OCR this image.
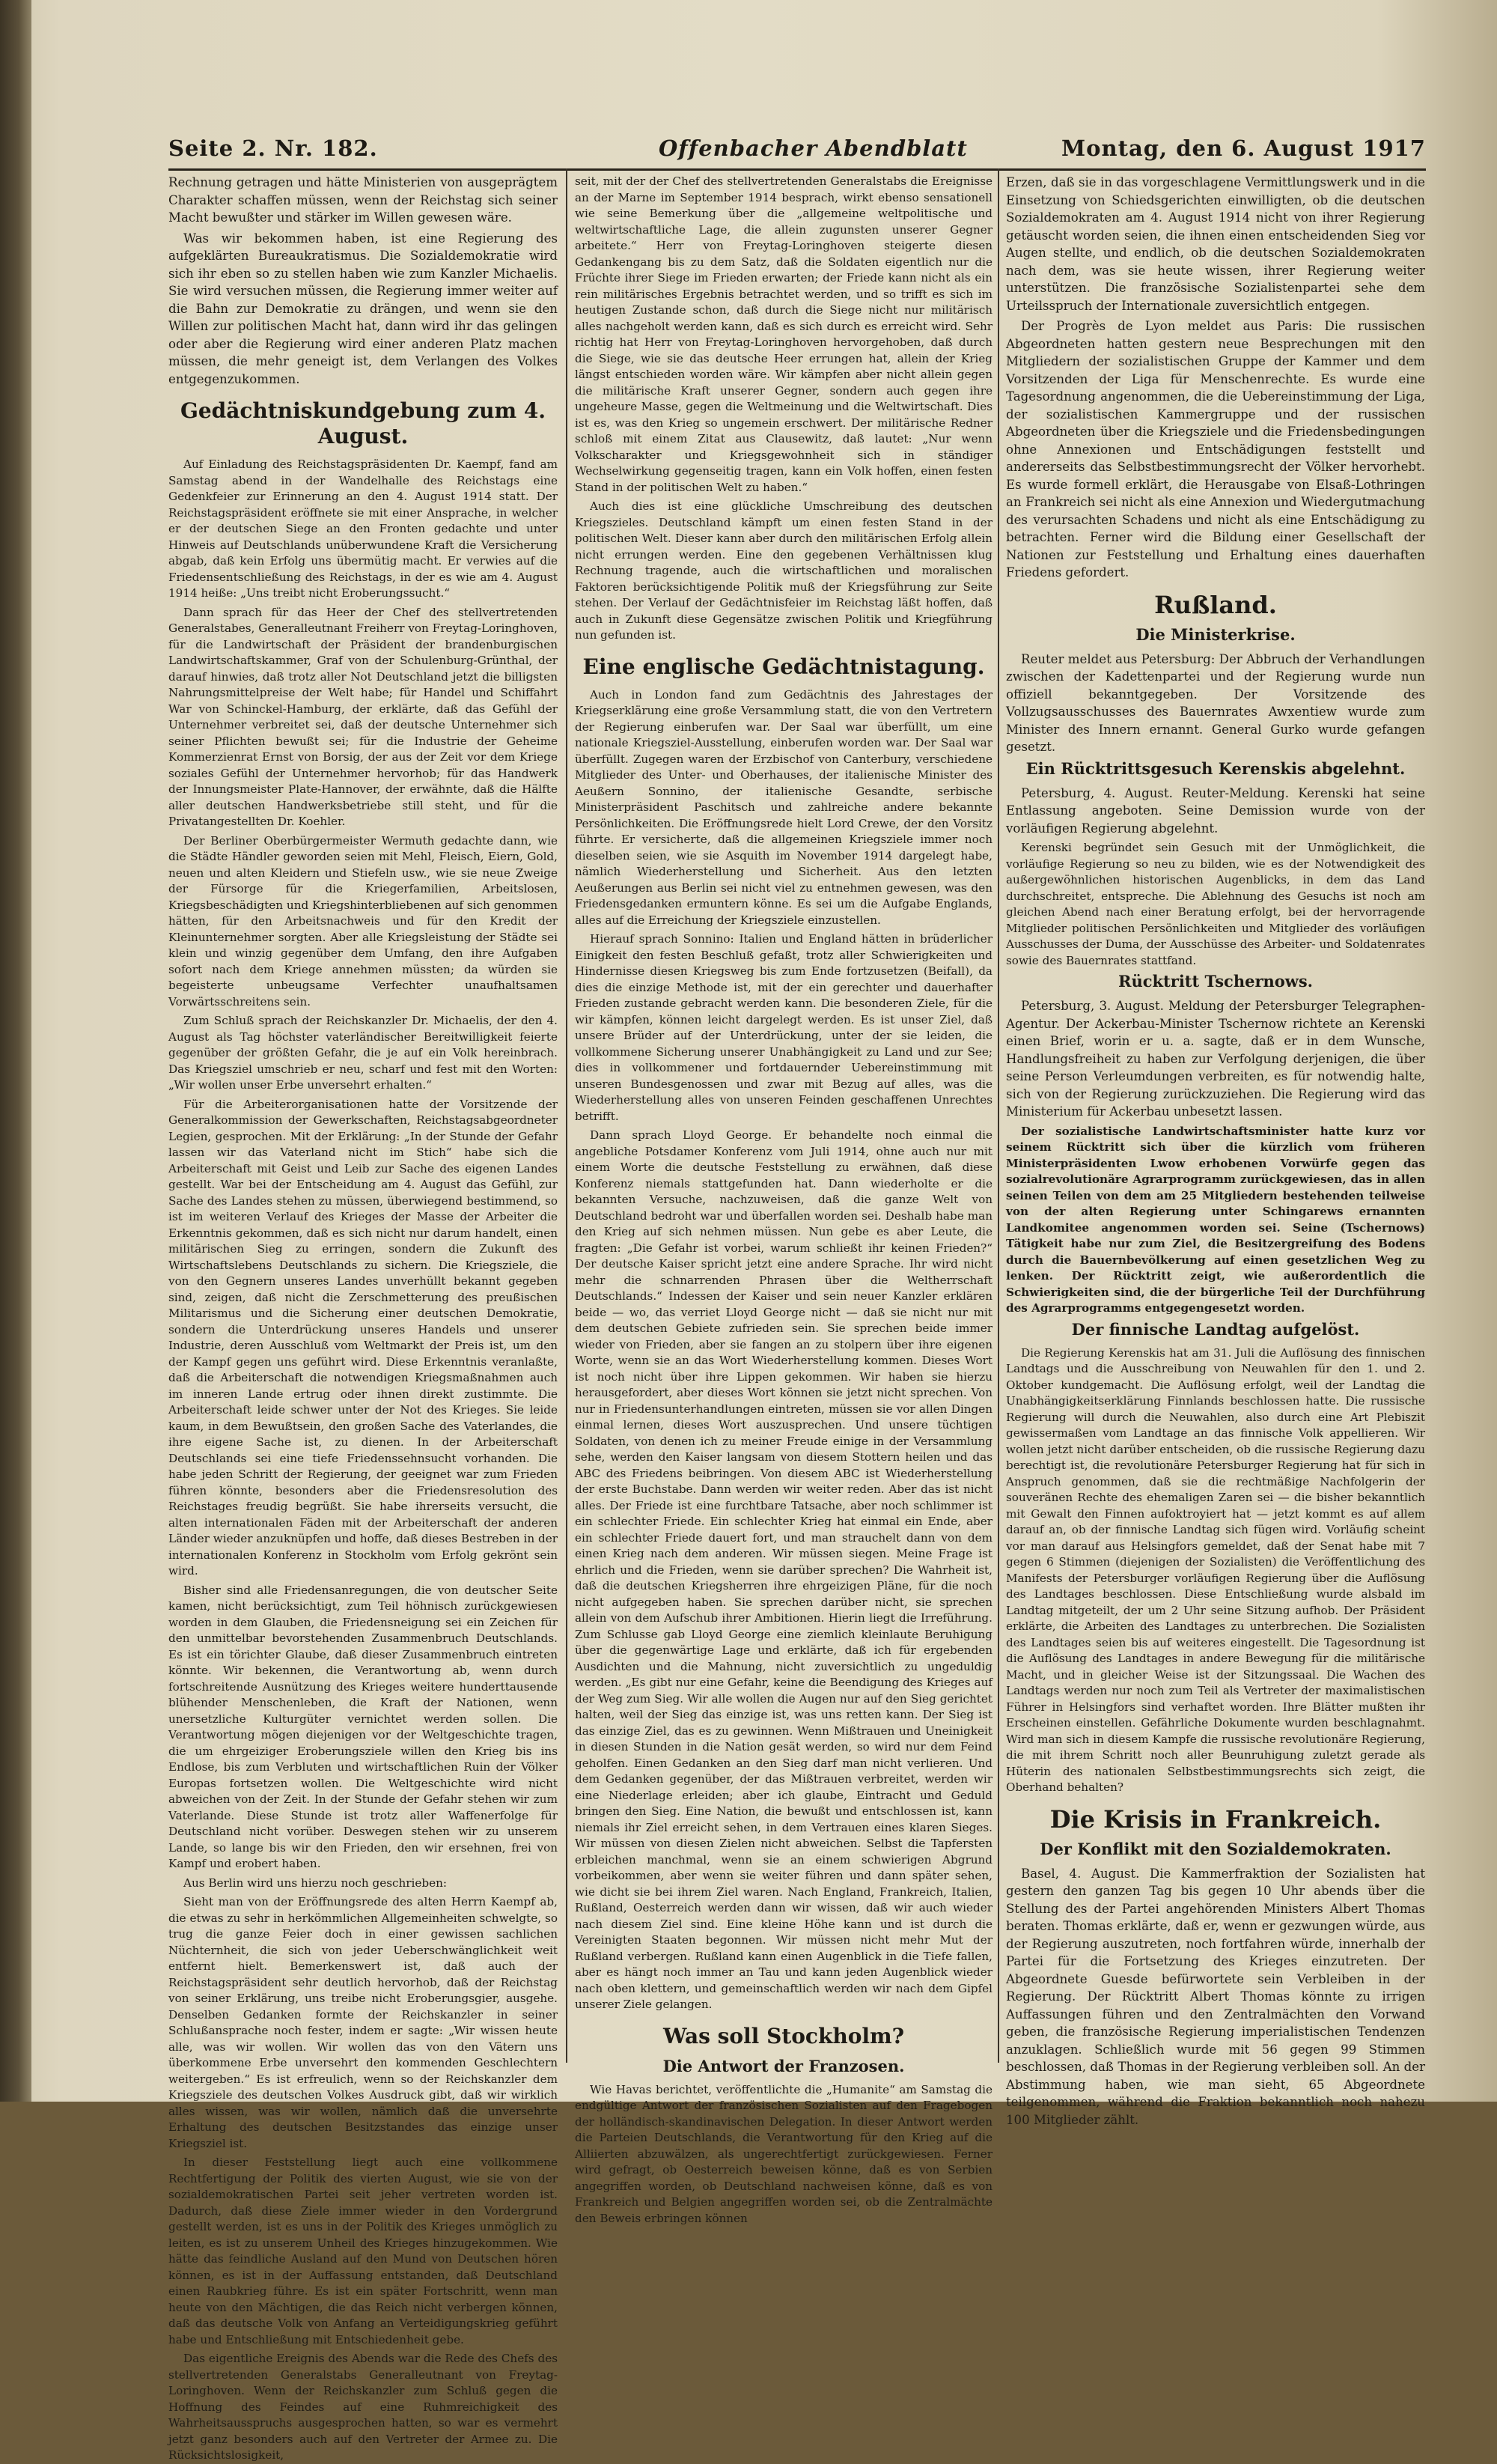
Seite 2. Nr. 182.	Offenbacher Abendblatt	Montag, den 6. August 1917

Rechnung getragen und hätte Ministerien von ausgeprägtem Charakter schaffen müssen, wenn der Reichstag sich seiner Macht bewußter und stärker im Willen gewesen wäre.

Was wir bekommen haben, ist eine Regierung des aufgeklärten Bureaukratismus. Die Sozialdemokratie wird sich ihr eben so zu stellen haben wie zum Kanzler Michaelis. Sie wird versuchen müssen, die Regierung immer weiter auf die Bahn zur Demokratie zu drängen, und wenn sie den Willen zur politischen Macht hat, dann wird ihr das gelingen oder aber die Regierung wird einer anderen Platz machen müssen, die mehr geneigt ist, dem Verlangen des Volkes entgegenzukommen.

Gedächtniskundgebung zum 4. August.

Auf Einladung des Reichstagspräsidenten Dr. Kaempf, fand am Samstag abend in der Wandelhalle des Reichstags eine Gedenkfeier zur Erinnerung an den 4. August 1914 statt. Der Reichstagspräsident eröffnete sie mit einer Ansprache, in welcher er der deutschen Siege an den Fronten gedachte und unter Hinweis auf Deutschlands unüberwundene Kraft die Versicherung abgab, daß kein Erfolg uns übermütig macht. Er verwies auf die Friedensentschließung des Reichstags, in der es wie am 4. August 1914 heiße: „Uns treibt nicht Eroberungssucht.“

Dann sprach für das Heer der Chef des stellvertretenden Generalstabes, Generalleutnant Freiherr von Freytag-Loringhoven, für die Landwirtschaft der Präsident der brandenburgischen Landwirtschaftskammer, Graf von der Schulenburg-Grünthal, der darauf hinwies, daß trotz aller Not Deutschland jetzt die billigsten Nahrungsmittelpreise der Welt habe; für Handel und Schiffahrt War von Schinckel-Hamburg, der erklärte, daß das Gefühl der Unternehmer verbreitet sei, daß der deutsche Unternehmer sich seiner Pflichten bewußt sei; für die Industrie der Geheime Kommerzienrat Ernst von Borsig, der aus der Zeit vor dem Kriege soziales Gefühl der Unternehmer hervorhob; für das Handwerk der Innungsmeister Plate-Hannover, der erwähnte, daß die Hälfte aller deutschen Handwerksbetriebe still steht, und für die Privatangestellten Dr. Koehler.

Der Berliner Oberbürgermeister Wermuth gedachte dann, wie die Städte Händler geworden seien mit Mehl, Fleisch, Eiern, Gold, neuen und alten Kleidern und Stiefeln usw., wie sie neue Zweige der Fürsorge für die Kriegerfamilien, Arbeitslosen, Kriegsbeschädigten und Kriegshinterbliebenen auf sich genommen hätten, für den Arbeitsnachweis und für den Kredit der Kleinunternehmer sorgten. Aber alle Kriegsleistung der Städte sei klein und winzig gegenüber dem Umfang, den ihre Aufgaben sofort nach dem Kriege annehmen müssten; da würden sie begeisterte unbeugsame Verfechter unaufhaltsamen Vorwärtsschreitens sein.

Zum Schluß sprach der Reichskanzler Dr. Michaelis, der den 4. August als Tag höchster vaterländischer Bereitwilligkeit feierte gegenüber der größten Gefahr, die je auf ein Volk hereinbrach. Das Kriegsziel umschrieb er neu, scharf und fest mit den Worten: „Wir wollen unser Erbe unversehrt erhalten.“

Für die Arbeiterorganisationen hatte der Vorsitzende der Generalkommission der Gewerkschaften, Reichstagsabgeordneter Legien, gesprochen. Mit der Erklärung: „In der Stunde der Gefahr lassen wir das Vaterland nicht im Stich“ habe sich die Arbeiterschaft mit Geist und Leib zur Sache des eigenen Landes gestellt. War bei der Entscheidung am 4. August das Gefühl, zur Sache des Landes stehen zu müssen, überwiegend bestimmend, so ist im weiteren Verlauf des Krieges der Masse der Arbeiter die Erkenntnis gekommen, daß es sich nicht nur darum handelt, einen militärischen Sieg zu erringen, sondern die Zukunft des Wirtschaftslebens Deutschlands zu sichern. Die Kriegsziele, die von den Gegnern unseres Landes unverhüllt bekannt gegeben sind, zeigen, daß nicht die Zerschmetterung des preußischen Militarismus und die Sicherung einer deutschen Demokratie, sondern die Unterdrückung unseres Handels und unserer Industrie, deren Ausschluß vom Weltmarkt der Preis ist, um den der Kampf gegen uns geführt wird. Diese Erkenntnis veranlaßte, daß die Arbeiterschaft die notwendigen Kriegsmaßnahmen auch im inneren Lande ertrug oder ihnen direkt zustimmte. Die Arbeiterschaft leide schwer unter der Not des Krieges. Sie leide kaum, in dem Bewußtsein, den großen Sache des Vaterlandes, die ihre eigene Sache ist, zu dienen. In der Arbeiterschaft Deutschlands sei eine tiefe Friedenssehnsucht vorhanden. Die habe jeden Schritt der Regierung, der geeignet war zum Frieden führen könnte, besonders aber die Friedensresolution des Reichstages freudig begrüßt. Sie habe ihrerseits versucht, die alten internationalen Fäden mit der Arbeiterschaft der anderen Länder wieder anzuknüpfen und hoffe, daß dieses Bestreben in der internationalen Konferenz in Stockholm vom Erfolg gekrönt sein wird.

Bisher sind alle Friedensanregungen, die von deutscher Seite kamen, nicht berücksichtigt, zum Teil höhnisch zurückgewiesen worden in dem Glauben, die Friedensneigung sei ein Zeichen für den unmittelbar bevorstehenden Zusammenbruch Deutschlands. Es ist ein törichter Glaube, daß dieser Zusammenbruch eintreten könnte. Wir bekennen, die Verantwortung ab, wenn durch fortschreitende Ausnützung des Krieges weitere hunderttausende blühender Menschenleben, die Kraft der Nationen, wenn unersetzliche Kulturgüter vernichtet werden sollen. Die Verantwortung mögen diejenigen vor der Weltgeschichte tragen, die um ehrgeiziger Eroberungsziele willen den Krieg bis ins Endlose, bis zum Verbluten und wirtschaftlichen Ruin der Völker Europas fortsetzen wollen. Die Weltgeschichte wird nicht abweichen von der Zeit. In der Stunde der Gefahr stehen wir zum Vaterlande. Diese Stunde ist trotz aller Waffenerfolge für Deutschland nicht vorüber. Deswegen stehen wir zu unserem Lande, so lange bis wir den Frieden, den wir ersehnen, frei von Kampf und erobert haben.

Aus Berlin wird uns hierzu noch geschrieben:

Sieht man von der Eröffnungsrede des alten Herrn Kaempf ab, die etwas zu sehr in herkömmlichen Allgemeinheiten schwelgte, so trug die ganze Feier doch in einer gewissen sachlichen Nüchternheit, die sich von jeder Ueberschwänglichkeit weit entfernt hielt. Bemerkenswert ist, daß auch der Reichstagspräsident sehr deutlich hervorhob, daß der Reichstag von seiner Erklärung, uns treibe nicht Eroberungsgier, ausgehe. Denselben Gedanken formte der Reichskanzler in seiner Schlußansprache noch fester, indem er sagte: „Wir wissen heute alle, was wir wollen. Wir wollen das von den Vätern uns überkommene Erbe unversehrt den kommenden Geschlechtern weitergeben.“ Es ist erfreulich, wenn so der Reichskanzler dem Kriegsziele des deutschen Volkes Ausdruck gibt, daß wir wirklich alles wissen, was wir wollen, nämlich daß die unversehrte Erhaltung des deutschen Besitzstandes das einzige unser Kriegsziel ist.

In dieser Feststellung liegt auch eine vollkommene Rechtfertigung der Politik des vierten August, wie sie von der sozialdemokratischen Partei seit jeher vertreten worden ist. Dadurch, daß diese Ziele immer wieder in den Vordergrund gestellt werden, ist es uns in der Politik des Krieges unmöglich zu leiten, es ist zu unserem Unheil des Krieges hinzugekommen. Wie hätte das feindliche Ausland auf den Mund von Deutschen hören können, es ist in der Auffassung entstanden, daß Deutschland einen Raubkrieg führe. Es ist ein später Fortschritt, wenn man heute von den Mächtigen, die das Reich nicht verbergen können, daß das deutsche Volk von Anfang an Verteidigungskrieg geführt habe und Entschließung mit Entschiedenheit gebe.

Das eigentliche Ereignis des Abends war die Rede des Chefs des stellvertretenden Generalstabs Generalleutnant von Freytag-Loringhoven. Wenn der Reichskanzler zum Schluß gegen die Hoffnung des Feindes auf eine Ruhmreichigkeit des Wahrheitsausspruchs ausgesprochen hatten, so war es vermehrt jetzt ganz besonders auch auf den Vertreter der Armee zu. Die Rücksichtslosigkeit,

seit, mit der der Chef des stellvertretenden Generalstabs die Ereignisse an der Marne im September 1914 besprach, wirkt ebenso sensationell wie seine Bemerkung über die „allgemeine weltpolitische und weltwirtschaftliche Lage, die allein zugunsten unserer Gegner arbeitete.“ Herr von Freytag-Loringhoven steigerte diesen Gedankengang bis zu dem Satz, daß die Soldaten eigentlich nur die Früchte ihrer Siege im Frieden erwarten; der Friede kann nicht als ein rein militärisches Ergebnis betrachtet werden, und so trifft es sich im heutigen Zustande schon, daß durch die Siege nicht nur militärisch alles nachgeholt werden kann, daß es sich durch es erreicht wird. Sehr richtig hat Herr von Freytag-Loringhoven hervorgehoben, daß durch die Siege, wie sie das deutsche Heer errungen hat, allein der Krieg längst entschieden worden wäre. Wir kämpfen aber nicht allein gegen die militärische Kraft unserer Gegner, sondern auch gegen ihre ungeheure Masse, gegen die Weltmeinung und die Weltwirtschaft. Dies ist es, was den Krieg so ungemein erschwert. Der militärische Redner schloß mit einem Zitat aus Clausewitz, daß lautet: „Nur wenn Volkscharakter und Kriegsgewohnheit sich in ständiger Wechselwirkung gegenseitig tragen, kann ein Volk hoffen, einen festen Stand in der politischen Welt zu haben.“

Auch dies ist eine glückliche Umschreibung des deutschen Kriegszieles. Deutschland kämpft um einen festen Stand in der politischen Welt. Dieser kann aber durch den militärischen Erfolg allein nicht errungen werden. Eine den gegebenen Verhältnissen klug Rechnung tragende, auch die wirtschaftlichen und moralischen Faktoren berücksichtigende Politik muß der Kriegsführung zur Seite stehen. Der Verlauf der Gedächtnisfeier im Reichstag läßt hoffen, daß auch in Zukunft diese Gegensätze zwischen Politik und Kriegführung nun gefunden ist.

Eine englische Gedächtnistagung.

Auch in London fand zum Gedächtnis des Jahrestages der Kriegserklärung eine große Versammlung statt, die von den Vertretern der Regierung einberufen war. Der Saal war überfüllt, um eine nationale Kriegsziel-Ausstellung, einberufen worden war. Der Saal war überfüllt. Zugegen waren der Erzbischof von Canterbury, verschiedene Mitglieder des Unter- und Oberhauses, der italienische Minister des Aeußern Sonnino, der italienische Gesandte, serbische Ministerpräsident Paschitsch und zahlreiche andere bekannte Persönlichkeiten. Die Eröffnungsrede hielt Lord Crewe, der den Vorsitz führte. Er versicherte, daß die allgemeinen Kriegsziele immer noch dieselben seien, wie sie Asquith im November 1914 dargelegt habe, nämlich Wiederherstellung und Sicherheit. Aus den letzten Aeußerungen aus Berlin sei nicht viel zu entnehmen gewesen, was den Friedensgedanken ermuntern könne. Es sei um die Aufgabe Englands, alles auf die Erreichung der Kriegsziele einzustellen.

Hierauf sprach Sonnino: Italien und England hätten in brüderlicher Einigkeit den festen Beschluß gefaßt, trotz aller Schwierigkeiten und Hindernisse diesen Kriegsweg bis zum Ende fortzusetzen (Beifall), da dies die einzige Methode ist, mit der ein gerechter und dauerhafter Frieden zustande gebracht werden kann. Die besonderen Ziele, für die wir kämpfen, können leicht dargelegt werden. Es ist unser Ziel, daß unsere Brüder auf der Unterdrückung, unter der sie leiden, die vollkommene Sicherung unserer Unabhängigkeit zu Land und zur See; dies in vollkommener und fortdauernder Uebereinstimmung mit unseren Bundesgenossen und zwar mit Bezug auf alles, was die Wiederherstellung alles von unseren Feinden geschaffenen Unrechtes betrifft.

Dann sprach Lloyd George. Er behandelte noch einmal die angebliche Potsdamer Konferenz vom Juli 1914, ohne auch nur mit einem Worte die deutsche Feststellung zu erwähnen, daß diese Konferenz niemals stattgefunden hat. Dann wiederholte er die bekannten Versuche, nachzuweisen, daß die ganze Welt von Deutschland bedroht war und überfallen worden sei. Deshalb habe man den Krieg auf sich nehmen müssen. Nun gebe es aber Leute, die fragten: „Die Gefahr ist vorbei, warum schließt ihr keinen Frieden?“ Der deutsche Kaiser spricht jetzt eine andere Sprache. Ihr wird nicht mehr die schnarrenden Phrasen über die Weltherrschaft Deutschlands.“ Indessen der Kaiser und sein neuer Kanzler erklären beide — wo, das verriet Lloyd George nicht — daß sie nicht nur mit dem deutschen Gebiete zufrieden sein. Sie sprechen beide immer wieder von Frieden, aber sie fangen an zu stolpern über ihre eigenen Worte, wenn sie an das Wort Wiederherstellung kommen. Dieses Wort ist noch nicht über ihre Lippen gekommen. Wir haben sie hierzu herausgefordert, aber dieses Wort können sie jetzt nicht sprechen. Von nur in Friedensunterhandlungen eintreten, müssen sie vor allen Dingen einmal lernen, dieses Wort auszusprechen. Und unsere tüchtigen Soldaten, von denen ich zu meiner Freude einige in der Versammlung sehe, werden den Kaiser langsam von diesem Stottern heilen und das ABC des Friedens beibringen. Von diesem ABC ist Wiederherstellung der erste Buchstabe. Dann werden wir weiter reden. Aber das ist nicht alles. Der Friede ist eine furchtbare Tatsache, aber noch schlimmer ist ein schlechter Friede. Ein schlechter Krieg hat einmal ein Ende, aber ein schlechter Friede dauert fort, und man strauchelt dann von dem einen Krieg nach dem anderen. Wir müssen siegen. Meine Frage ist ehrlich und die Frieden, wenn sie darüber sprechen? Die Wahrheit ist, daß die deutschen Kriegsherren ihre ehrgeizigen Pläne, für die noch nicht aufgegeben haben. Sie sprechen darüber nicht, sie sprechen allein von dem Aufschub ihrer Ambitionen. Hierin liegt die Irreführung. Zum Schlusse gab Lloyd George eine ziemlich kleinlaute Beruhigung über die gegenwärtige Lage und erklärte, daß ich für ergebenden Ausdichten und die Mahnung, nicht zuversichtlich zu ungeduldig werden. „Es gibt nur eine Gefahr, keine die Beendigung des Krieges auf der Weg zum Sieg. Wir alle wollen die Augen nur auf den Sieg gerichtet halten, weil der Sieg das einzige ist, was uns retten kann. Der Sieg ist das einzige Ziel, das es zu gewinnen. Wenn Mißtrauen und Uneinigkeit in diesen Stunden in die Nation gesät werden, so wird nur dem Feind geholfen. Einen Gedanken an den Sieg darf man nicht verlieren. Und dem Gedanken gegenüber, der das Mißtrauen verbreitet, werden wir eine Niederlage erleiden; aber ich glaube, Eintracht und Geduld bringen den Sieg. Eine Nation, die bewußt und entschlossen ist, kann niemals ihr Ziel erreicht sehen, in dem Vertrauen eines klaren Sieges. Wir müssen von diesen Zielen nicht abweichen. Selbst die Tapfersten erbleichen manchmal, wenn sie an einem schwierigen Abgrund vorbeikommen, aber wenn sie weiter führen und dann später sehen, wie dicht sie bei ihrem Ziel waren. Nach England, Frankreich, Italien, Rußland, Oesterreich werden dann wir wissen, daß wir auch wieder nach diesem Ziel sind. Eine kleine Höhe kann und ist durch die Vereinigten Staaten begonnen. Wir müssen nicht mehr Mut der Rußland verbergen. Rußland kann einen Augenblick in die Tiefe fallen, aber es hängt noch immer an Tau und kann jeden Augenblick wieder nach oben klettern, und gemeinschaftlich werden wir nach dem Gipfel unserer Ziele gelangen.

Was soll Stockholm?
Die Antwort der Franzosen.

Wie Havas berichtet, veröffentlichte die „Humanite“ am Samstag die endgültige Antwort der französischen Sozialisten auf den Fragebogen der holländisch-skandinavischen Delegation. In dieser Antwort werden die Parteien Deutschlands, die Verantwortung für den Krieg auf die Alliierten abzuwälzen, als ungerechtfertigt zurückgewiesen. Ferner wird gefragt, ob Oesterreich beweisen könne, daß es von Serbien angegriffen worden, ob Deutschland nachweisen könne, daß es von Frankreich und Belgien angegriffen worden sei, ob die Zentralmächte den Beweis erbringen können

Erzen, daß sie in das vorgeschlagene Vermittlungswerk und in die Einsetzung von Schiedsgerichten einwilligten, ob die deutschen Sozialdemokraten am 4. August 1914 nicht von ihrer Regierung getäuscht worden seien, die ihnen einen entscheidenden Sieg vor Augen stellte, und endlich, ob die deutschen Sozialdemokraten nach dem, was sie heute wissen, ihrer Regierung weiter unterstützen. Die französische Sozialistenpartei sehe dem Urteilsspruch der Internationale zuversichtlich entgegen.

Der Progrès de Lyon meldet aus Paris: Die russischen Abgeordneten hatten gestern neue Besprechungen mit den Mitgliedern der sozialistischen Gruppe der Kammer und dem Vorsitzenden der Liga für Menschenrechte. Es wurde eine Tagesordnung angenommen, die die Uebereinstimmung der Liga, der sozialistischen Kammergruppe und der russischen Abgeordneten über die Kriegsziele und die Friedensbedingungen ohne Annexionen und Entschädigungen feststellt und andererseits das Selbstbestimmungsrecht der Völker hervorhebt. Es wurde formell erklärt, die Herausgabe von Elsaß-Lothringen an Frankreich sei nicht als eine Annexion und Wiedergutmachung des verursachten Schadens und nicht als eine Entschädigung zu betrachten. Ferner wird die Bildung einer Gesellschaft der Nationen zur Feststellung und Erhaltung eines dauerhaften Friedens gefordert.

Rußland.
Die Ministerkrise.

Reuter meldet aus Petersburg: Der Abbruch der Verhandlungen zwischen der Kadettenpartei und der Regierung wurde nun offiziell bekanntgegeben. Der Vorsitzende des Vollzugsausschusses des Bauernrates Awxentiew wurde zum Minister des Innern ernannt. General Gurko wurde gefangen gesetzt.

Ein Rücktrittsgesuch Kerenskis abgelehnt.

Petersburg, 4. August. Reuter-Meldung. Kerenski hat seine Entlassung angeboten. Seine Demission wurde von der vorläufigen Regierung abgelehnt.

Kerenski begründet sein Gesuch mit der Unmöglichkeit, die vorläufige Regierung so neu zu bilden, wie es der Notwendigkeit des außergewöhnlichen historischen Augenblicks, in dem das Land durchschreitet, entspreche. Die Ablehnung des Gesuchs ist noch am gleichen Abend nach einer Beratung erfolgt, bei der hervorragende Mitglieder politischen Persönlichkeiten und Mitglieder des vorläufigen Ausschusses der Duma, der Ausschüsse des Arbeiter- und Soldatenrates sowie des Bauernrates stattfand.

Rücktritt Tschernows.

Petersburg, 3. August. Meldung der Petersburger Telegraphen-Agentur. Der Ackerbau-Minister Tschernow richtete an Kerenski einen Brief, worin er u. a. sagte, daß er in dem Wunsche, Handlungsfreiheit zu haben zur Verfolgung derjenigen, die über seine Person Verleumdungen verbreiten, es für notwendig halte, sich von der Regierung zurückzuziehen. Die Regierung wird das Ministerium für Ackerbau unbesetzt lassen.

Der sozialistische Landwirtschaftsminister hatte kurz vor seinem Rücktritt sich über die kürzlich vom früheren Ministerpräsidenten Lwow erhobenen Vorwürfe gegen das sozialrevolutionäre Agrarprogramm zurückgewiesen, das in allen seinen Teilen von dem am 25 Mitgliedern bestehenden teilweise von der alten Regierung unter Schingarews ernannten Landkomitee angenommen worden sei. Seine (Tschernows) Tätigkeit habe nur zum Ziel, die Besitzergreifung des Bodens durch die Bauernbevölkerung auf einen gesetzlichen Weg zu lenken. Der Rücktritt zeigt, wie außerordentlich die Schwierigkeiten sind, die der bürgerliche Teil der Durchführung des Agrarprogramms entgegengesetzt worden.

Der finnische Landtag aufgelöst.

Die Regierung Kerenskis hat am 31. Juli die Auflösung des finnischen Landtags und die Ausschreibung von Neuwahlen für den 1. und 2. Oktober kundgemacht. Die Auflösung erfolgt, weil der Landtag die Unabhängigkeitserklärung Finnlands beschlossen hatte. Die russische Regierung will durch die Neuwahlen, also durch eine Art Plebiszit gewissermaßen vom Landtage an das finnische Volk appellieren. Wir wollen jetzt nicht darüber entscheiden, ob die russische Regierung dazu berechtigt ist, die revolutionäre Petersburger Regierung hat für sich in Anspruch genommen, daß sie die rechtmäßige Nachfolgerin der souveränen Rechte des ehemaligen Zaren sei — die bisher bekanntlich mit Gewalt den Finnen aufoktroyiert hat — jetzt kommt es auf allem darauf an, ob der finnische Landtag sich fügen wird. Vorläufig scheint vor man darauf aus Helsingfors gemeldet, daß der Senat habe mit 7 gegen 6 Stimmen (diejenigen der Sozialisten) die Veröffentlichung des Manifests der Petersburger vorläufigen Regierung über die Auflösung des Landtages beschlossen. Diese Entschließung wurde alsbald im Landtag mitgeteilt, der um 2 Uhr seine Sitzung aufhob. Der Präsident erklärte, die Arbeiten des Landtages zu unterbrechen. Die Sozialisten des Landtages seien bis auf weiteres eingestellt. Die Tagesordnung ist die Auflösung des Landtages in andere Bewegung für die militärische Macht, und in gleicher Weise ist der Sitzungssaal. Die Wachen des Landtags werden nur noch zum Teil als Vertreter der maximalistischen Führer in Helsingfors sind verhaftet worden. Ihre Blätter mußten ihr Erscheinen einstellen. Gefährliche Dokumente wurden beschlagnahmt. Wird man sich in diesem Kampfe die russische revolutionäre Regierung, die mit ihrem Schritt noch aller Beunruhigung zuletzt gerade als Hüterin des nationalen Selbstbestimmungsrechts sich zeigt, die Oberhand behalten?

Die Krisis in Frankreich.
Der Konflikt mit den Sozialdemokraten.

Basel, 4. August. Die Kammerfraktion der Sozialisten hat gestern den ganzen Tag bis gegen 10 Uhr abends über die Stellung des der Partei angehörenden Ministers Albert Thomas beraten. Thomas erklärte, daß er, wenn er gezwungen würde, aus der Regierung auszutreten, noch fortfahren würde, innerhalb der Partei für die Fortsetzung des Krieges einzutreten. Der Abgeordnete Guesde befürwortete sein Verbleiben in der Regierung. Der Rücktritt Albert Thomas könnte zu irrigen Auffassungen führen und den Zentralmächten den Vorwand geben, die französische Regierung imperialistischen Tendenzen anzuklagen. Schließlich wurde mit 56 gegen 99 Stimmen beschlossen, daß Thomas in der Regierung verbleiben soll. An der Abstimmung haben, wie man sieht, 65 Abgeordnete teilgenommen, während die Fraktion bekanntlich noch nahezu 100 Mitglieder zählt.
